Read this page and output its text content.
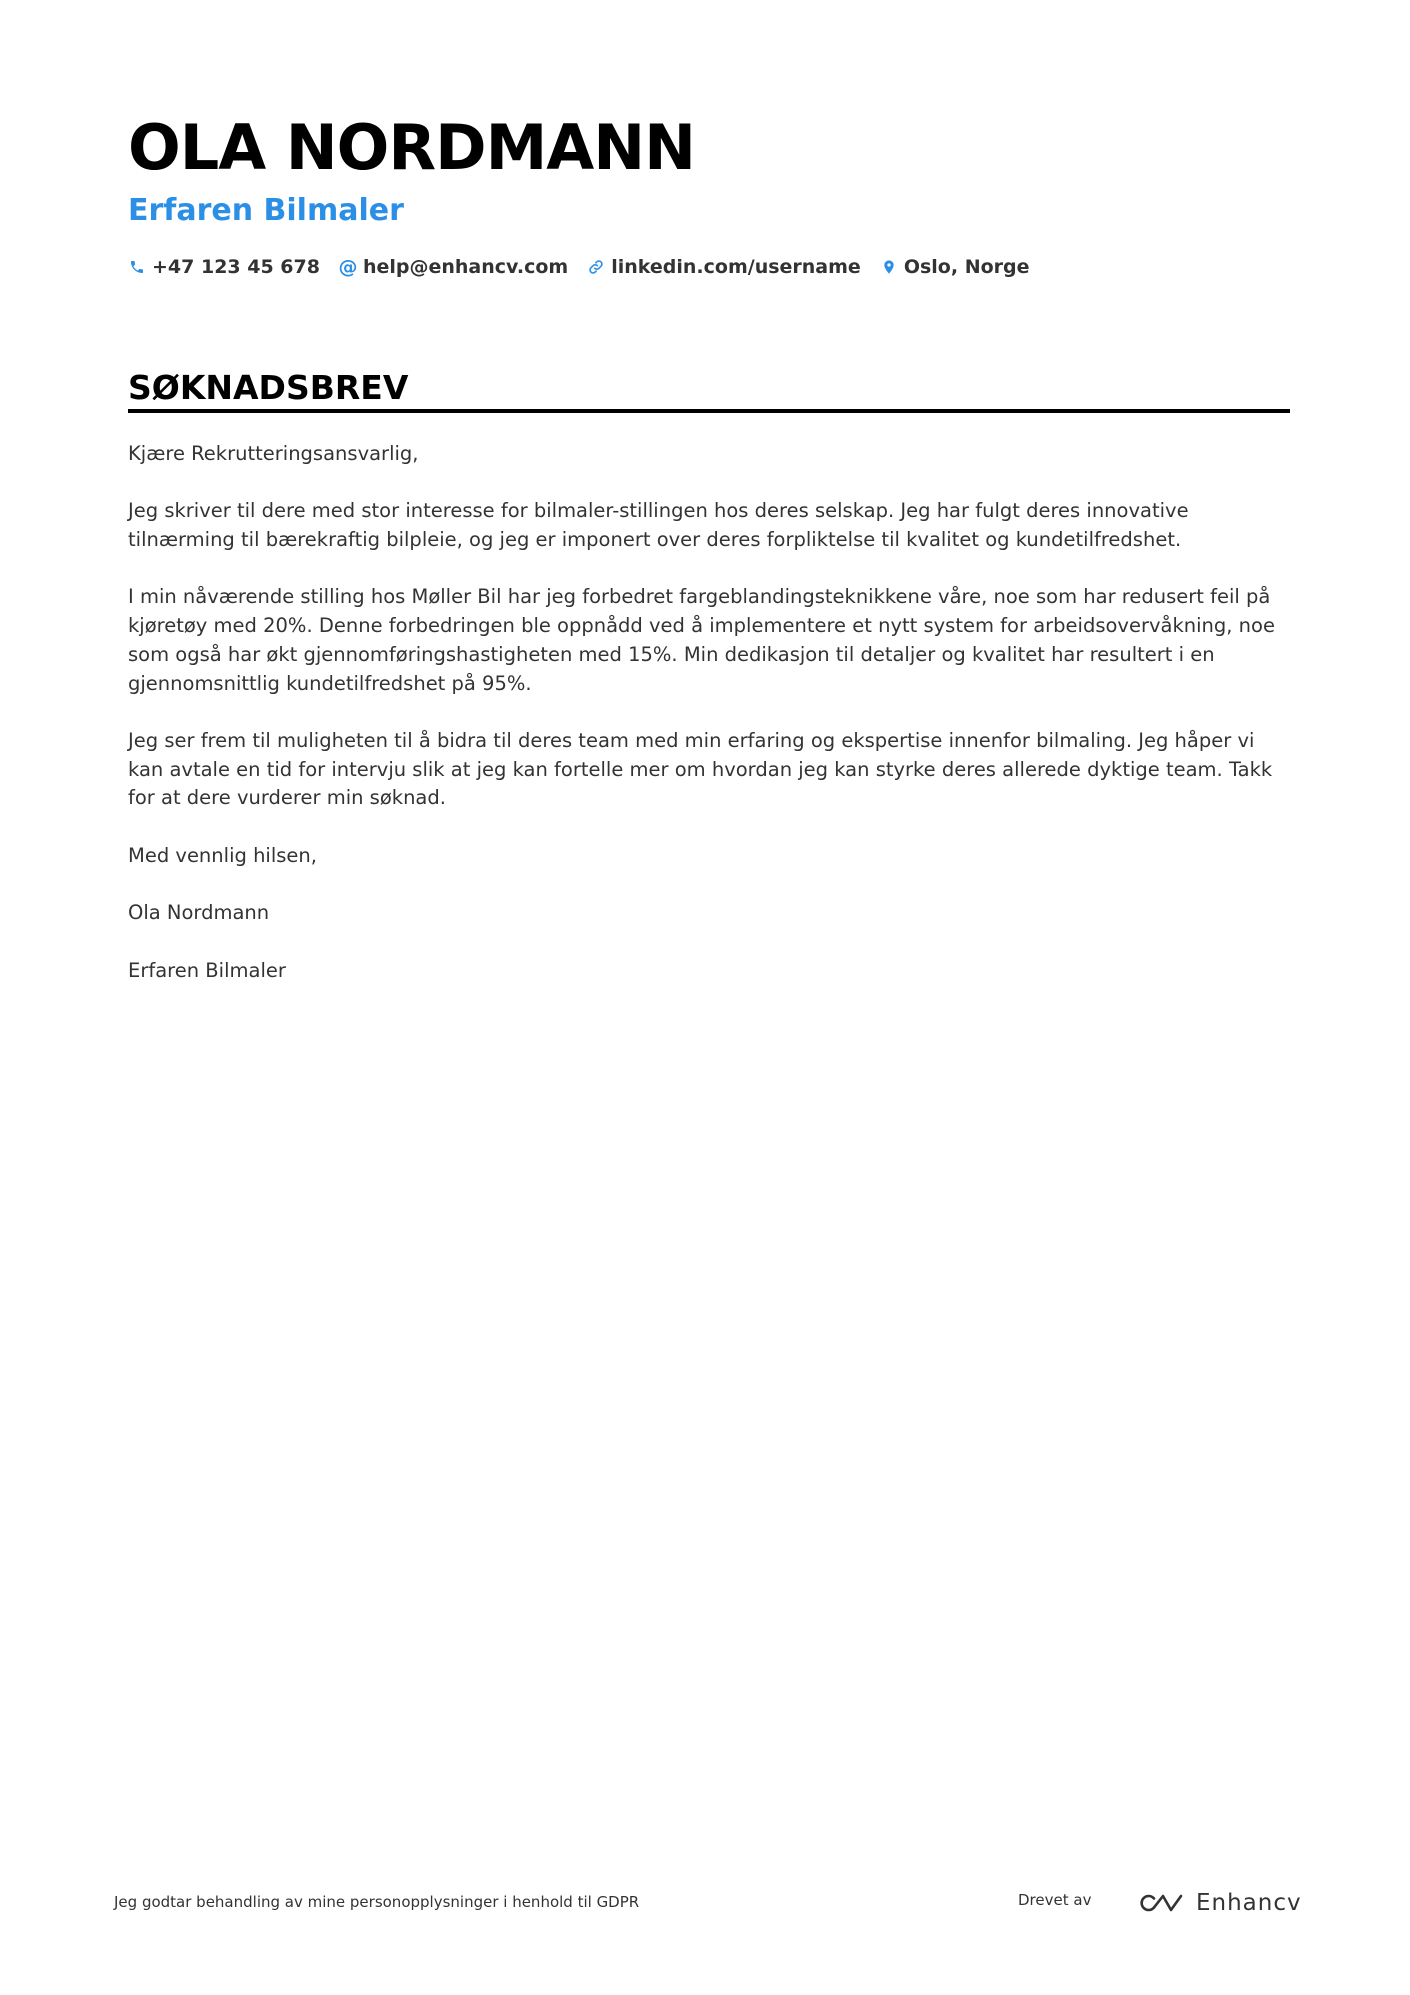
OLA NORDMANN
Erfaren Bilmaler
+47 123 45 678 @ help@enhancv.com linkedin.com/username Oslo, Norge
SØKNADSBREV

Kjære Rekrutteringsansvarlig,

Jeg skriver til dere med stor interesse for bilmaler-stillingen hos deres selskap. Jeg har fulgt deres innovative tilnærming til bærekraftig bilpleie, og jeg er imponert over deres forpliktelse til kvalitet og kundetilfredshet.

I min nåværende stilling hos Møller Bil har jeg forbedret fargeblandingsteknikkene våre, noe som har redusert feil på kjøretøy med 20%. Denne forbedringen ble oppnådd ved å implementere et nytt system for arbeidsovervåkning, noe som også har økt gjennomføringshastigheten med 15%. Min dedikasjon til detaljer og kvalitet har resultert i en gjennomsnittlig kundetilfredshet på 95%.

Jeg ser frem til muligheten til å bidra til deres team med min erfaring og ekspertise innenfor bilmaling. Jeg håper vi kan avtale en tid for intervju slik at jeg kan fortelle mer om hvordan jeg kan styrke deres allerede dyktige team. Takk for at dere vurderer min søknad.

Med vennlig hilsen,

Ola Nordmann

Erfaren Bilmaler

Jeg godtar behandling av mine personopplysninger i henhold til GDPR	Drevet av	Enhancv
